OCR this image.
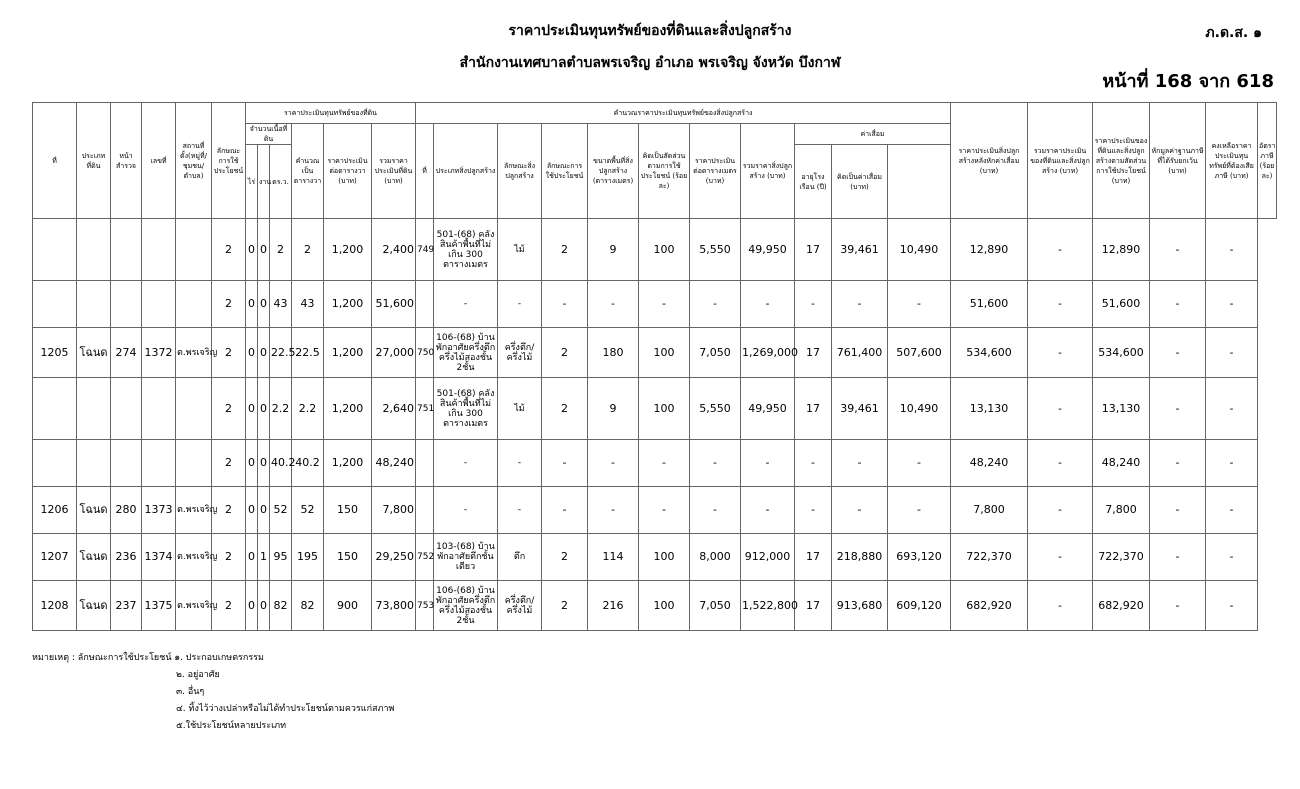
ราคาประเมินทุนทรัพย์ของที่ดินและสิ่งปลูกสร้าง
สำนักงานเทศบาลตำบลพรเจริญ อำเภอ พรเจริญ จังหวัด บึงกาฬ
ภ.ด.ส. ๑
หน้าที่ 168 จาก 618
ที่	ประเภทที่ดิน	หน้าสำรวจ	เลขที่	สถานที่ตั้ง(หมู่ที่/ชุมชน/ตำบล)	ลักษณะการใช้ประโยชน์	ราคาประเมินทุนทรัพย์ของที่ดิน						คำนวณราคาประเมินทุนทรัพย์ของสิ่งปลูกสร้าง											ราคาประเมินสิ่งปลูกสร้างหลังหักค่าเสื่อม (บาท)	รวมราคาประเมินของที่ดินและสิ่งปลูกสร้าง (บาท)	ราคาประเมินของที่ดินและสิ่งปลูกสร้างตามสัดส่วนการใช้ประโยชน์ (บาท)	หักมูลค่าฐานภาษีที่ได้รับยกเว้น (บาท)	คงเหลือราคาประเมินทุนทรัพย์ที่ต้องเสียภาษี (บาท)	อัตราภาษี (ร้อยละ)
						จำนวนเนื้อที่ดิน			คำนวณเป็นตารางวา	ราคาประเมินต่อตารางวา (บาท)	รวมราคาประเมินที่ดิน (บาท)	ที่	ประเภทสิ่งปลูกสร้าง	ลักษณะสิ่งปลูกสร้าง	ลักษณะการใช้ประโยชน์	ขนาดพื้นที่สิ่งปลูกสร้าง (ตารางเมตร)	คิดเป็นสัดส่วนตามการใช้ประโยชน์ (ร้อยละ)	ราคาประเมินต่อตารางเมตร (บาท)	รวมราคาสิ่งปลูกสร้าง (บาท)	ค่าเสื่อม								
						ไร่	งาน	ตร.ว.												อายุโรงเรือน (ปี)	คิดเป็นค่าเสื่อม (บาท)							
					2	0	0	2	2	1,200	2,400	749	501-(68) คลังสินค้าพื้นที่ไม่เกิน 300 ตารางเมตร	ไม้	2	9	100	5,550	49,950	17	39,461	10,490	12,890	-	12,890	-	-	
					2	0	0	43	43	1,200	51,600		-	-	-	-	-	-	-	-	-	-	51,600	-	51,600	-	-	
1205	โฉนด	274	1372	ต.พรเจริญ	2	0	0	22.5	22.5	1,200	27,000	750	106-(68) บ้านพักอาศัยครึ่งตึกครึ่งไม้สองชั้น 2ชั้น	ครึ่งตึก/ครึ่งไม้	2	180	100	7,050	1,269,000	17	761,400	507,600	534,600	-	534,600	-	-	
					2	0	0	2.2	2.2	1,200	2,640	751	501-(68) คลังสินค้าพื้นที่ไม่เกิน 300 ตารางเมตร	ไม้	2	9	100	5,550	49,950	17	39,461	10,490	13,130	-	13,130	-	-	
					2	0	0	40.2	40.2	1,200	48,240		-	-	-	-	-	-	-	-	-	-	48,240	-	48,240	-	-	
1206	โฉนด	280	1373	ต.พรเจริญ	2	0	0	52	52	150	7,800		-	-	-	-	-	-	-	-	-	-	7,800	-	7,800	-	-	
1207	โฉนด	236	1374	ต.พรเจริญ	2	0	1	95	195	150	29,250	752	103-(68) บ้านพักอาศัยตึกชั้นเดียว	ตึก	2	114	100	8,000	912,000	17	218,880	693,120	722,370	-	722,370	-	-	
1208	โฉนด	237	1375	ต.พรเจริญ	2	0	0	82	82	900	73,800	753	106-(68) บ้านพักอาศัยครึ่งตึกครึ่งไม้สองชั้น 2ชั้น	ครึ่งตึก/ครึ่งไม้	2	216	100	7,050	1,522,800	17	913,680	609,120	682,920	-	682,920	-	-	
หมายเหตุ : ลักษณะการใช้ประโยชน์ ๑. ประกอบเกษตรกรรม
๒. อยู่อาศัย
๓. อื่นๆ
๔. ทิ้งไว้ว่างเปล่าหรือไม่ได้ทำประโยชน์ตามควรแก่สภาพ
๕.ใช้ประโยชน์หลายประเภท
